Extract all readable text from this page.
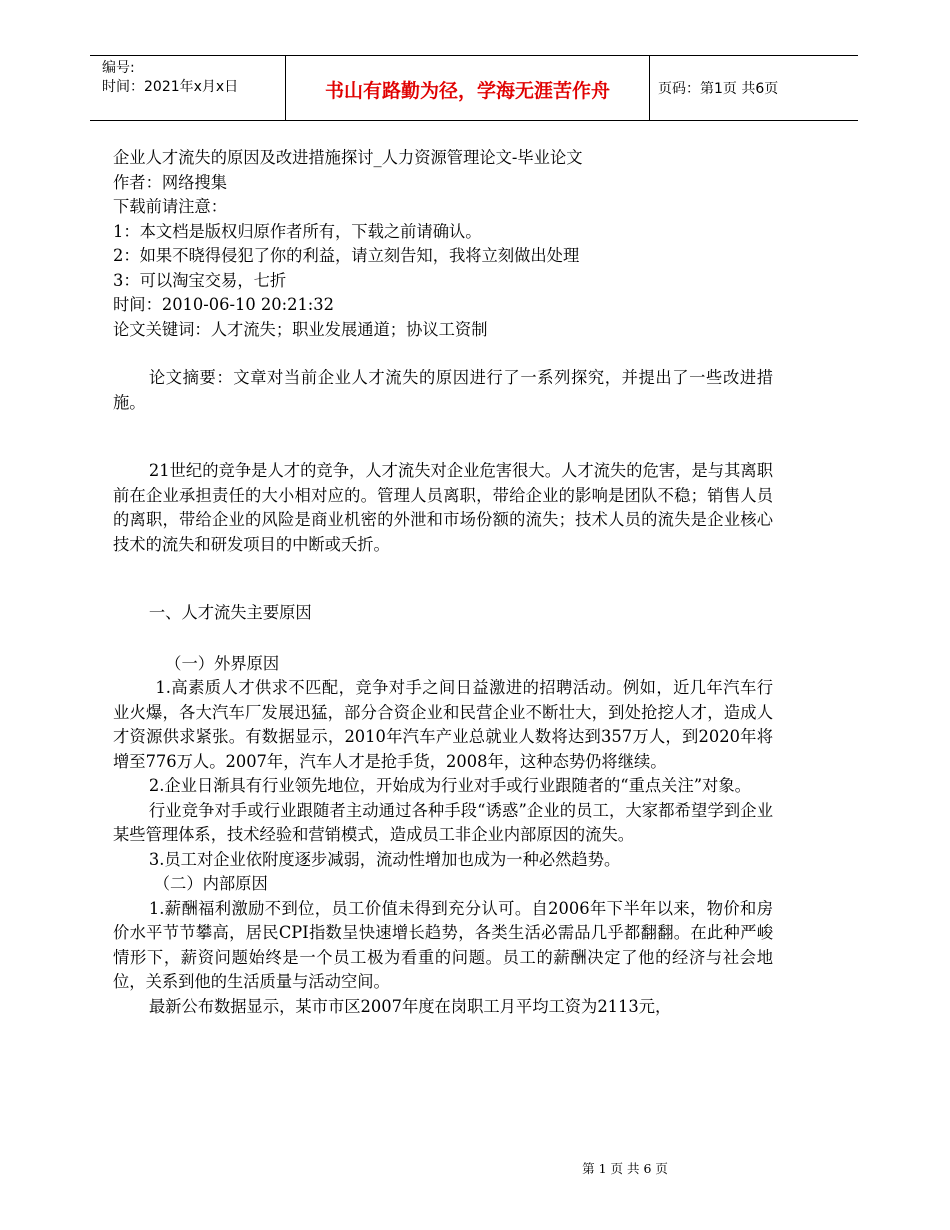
编号:
时间：2021年x月x日	书山有路勤为径，学海无涯苦作舟	页码：第1页 共6页

企业人才流失的原因及改进措施探讨_人力资源管理论文-毕业论文

作者：网络搜集

下载前请注意：

1：本文档是版权归原作者所有，下载之前请确认。

2：如果不晓得侵犯了你的利益，请立刻告知，我将立刻做出处理

3：可以淘宝交易，七折

时间：2010-06-10 20:21:32

论文关键词：人才流失；职业发展通道；协议工资制

论文摘要：文章对当前企业人才流失的原因进行了一系列探究，并提出了一些改进措施。

21世纪的竞争是人才的竞争，人才流失对企业危害很大。人才流失的危害，是与其离职前在企业承担责任的大小相对应的。管理人员离职，带给企业的影响是团队不稳；销售人员的离职，带给企业的风险是商业机密的外泄和市场份额的流失；技术人员的流失是企业核心技术的流失和研发项目的中断或夭折。

一、人才流失主要原因

（一）外界原因

1.高素质人才供求不匹配，竞争对手之间日益激进的招聘活动。例如，近几年汽车行业火爆，各大汽车厂发展迅猛，部分合资企业和民营企业不断壮大，到处抢挖人才，造成人才资源供求紧张。有数据显示，2010年汽车产业总就业人数将达到357万人，到2020年将增至776万人。2007年，汽车人才是抢手货，2008年，这种态势仍将继续。

2.企业日渐具有行业领先地位，开始成为行业对手或行业跟随者的“重点关注”对象。

行业竞争对手或行业跟随者主动通过各种手段“诱惑”企业的员工，大家都希望学到企业某些管理体系，技术经验和营销模式，造成员工非企业内部原因的流失。

3.员工对企业依附度逐步减弱，流动性增加也成为一种必然趋势。

（二）内部原因

1.薪酬福利激励不到位，员工价值未得到充分认可。自2006年下半年以来，物价和房价水平节节攀高，居民CPI指数呈快速增长趋势，各类生活必需品几乎都翻翻。在此种严峻情形下，薪资问题始终是一个员工极为看重的问题。员工的薪酬决定了他的经济与社会地位，关系到他的生活质量与活动空间。

最新公布数据显示，某市市区2007年度在岗职工月平均工资为2113元，

第 1 页 共 6 页
